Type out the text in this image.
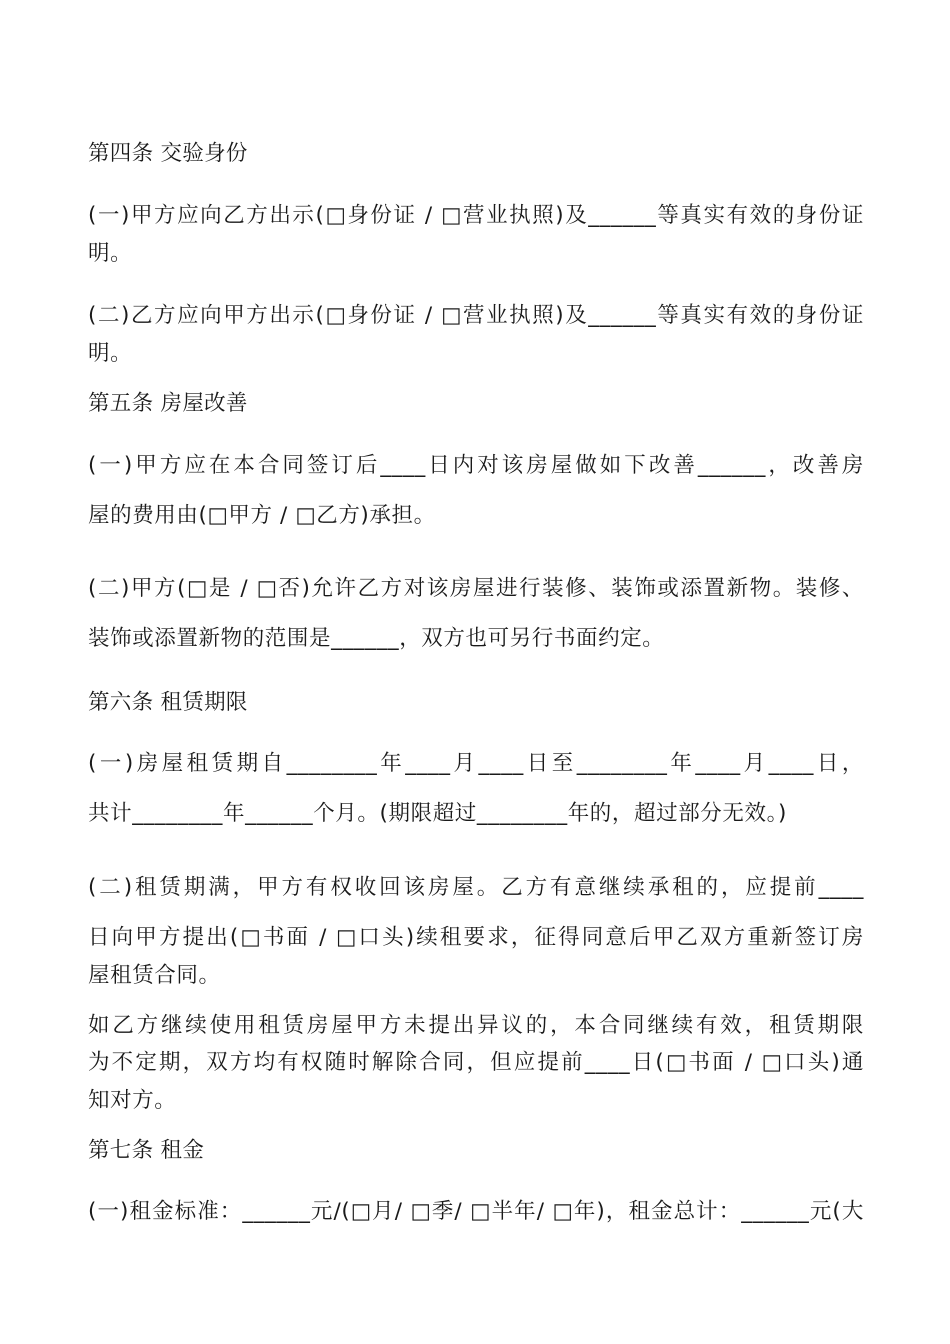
第四条 交验身份
(一)甲方应向乙方出示(□身份证 / □营业执照)及______等真实有效的身份证
明。
(二)乙方应向甲方出示(□身份证 / □营业执照)及______等真实有效的身份证
明。
第五条 房屋改善
(一)甲方应在本合同签订后____日内对该房屋做如下改善______，改善房
屋的费用由(□甲方 / □乙方)承担。
(二)甲方(□是 / □否)允许乙方对该房屋进行装修、装饰或添置新物。装修、
装饰或添置新物的范围是______，双方也可另行书面约定。
第六条 租赁期限
(一)房屋租赁期自________年____月____日至________年____月____日，
共计________年______个月。(期限超过________年的，超过部分无效。)
(二)租赁期满，甲方有权收回该房屋。乙方有意继续承租的，应提前____
日向甲方提出(□书面 / □口头)续租要求，征得同意后甲乙双方重新签订房
屋租赁合同。
如乙方继续使用租赁房屋甲方未提出异议的，本合同继续有效，租赁期限
为不定期，双方均有权随时解除合同，但应提前____日(□书面 / □口头)通
知对方。
第七条 租金
(一)租金标准：______元/(□月/ □季/ □半年/ □年)，租金总计：______元(大
